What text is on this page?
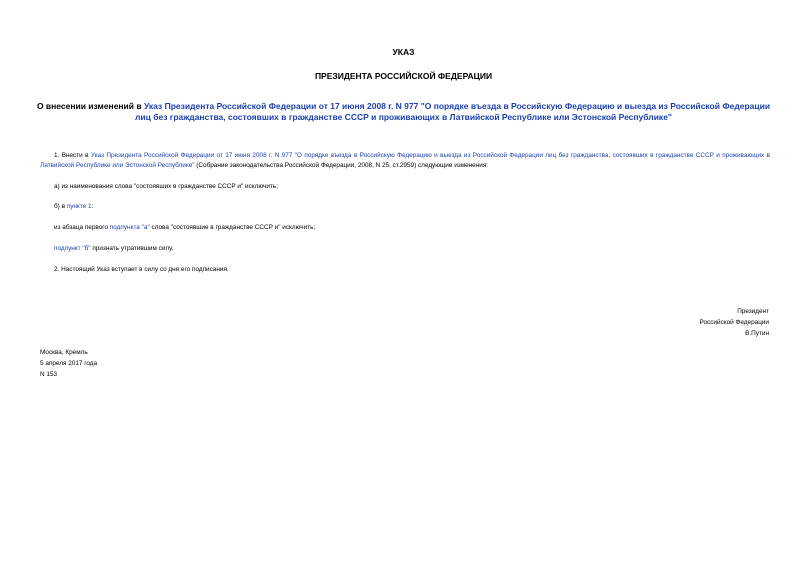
УКАЗ
ПРЕЗИДЕНТА РОССИЙСКОЙ ФЕДЕРАЦИИ
О внесении изменений в Указ Президента Российской Федерации от 17 июня 2008 г. N 977 "О порядке въезда в Российскую Федерацию и выезда из Российской Федерации лиц без гражданства, состоявших в гражданстве СССР и проживающих в Латвийской Республике или Эстонской Республике"
1. Внести в Указ Президента Российской Федерации от 17 июня 2008 г. N 977 "О порядке въезда в Российскую Федерацию и выезда из Российской Федерации лиц без гражданства, состоявших в гражданстве СССР и проживающих в Латвийской Республике или Эстонской Республике" (Собрание законодательства Российской Федерации, 2008, N 25, ст.2959) следующие изменения:
а) из наименования слова "состоявших в гражданстве СССР и" исключить;
б) в пункте 1:
из абзаца первого подпункта "а" слова "состоявшие в гражданстве СССР и" исключить;
подпункт "б" признать утратившим силу.
2. Настоящий Указ вступает в силу со дня его подписания.
Президент
Российской Федерации
В.Путин
Москва, Кремль
5 апреля 2017 года
N 153
